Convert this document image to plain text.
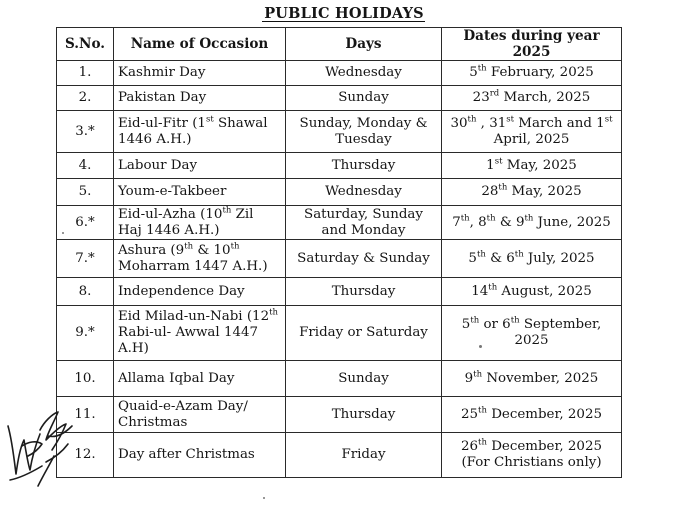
PUBLIC HOLIDAYS
S.No.	Name of Occasion	Days	Dates during year 2025
1.	Kashmir Day	Wednesday	5th February, 2025

2.	Pakistan Day	Sunday	23rd March, 2025

3.*	Eid-ul-Fitr (1st Shawal 1446 A.H.)	Sunday, Monday & Tuesday	30th , 31st March and 1st April, 2025

4.	Labour Day	Thursday	1st May, 2025

5.	Youm-e-Takbeer	Wednesday	28th May, 2025

6.*	Eid-ul-Azha (10th Zil Haj 1446 A.H.)	Saturday, Sunday and Monday	7th, 8th & 9th June, 2025

7.*	Ashura (9th & 10th Moharram 1447 A.H.)	Saturday & Sunday	5th & 6th July, 2025

8.	Independence Day	Thursday	14th August, 2025

9.*	Eid Milad-un-Nabi (12th Rabi-ul- Awwal 1447 A.H)	Friday or Saturday	5th or 6th September, 2025

10.	Allama Iqbal Day	Sunday	9th November, 2025

11.	Quaid-e-Azam Day/ Christmas	Thursday	25th December, 2025

12.	Day after Christmas	Friday	26th December, 2025
(For Christians only)
